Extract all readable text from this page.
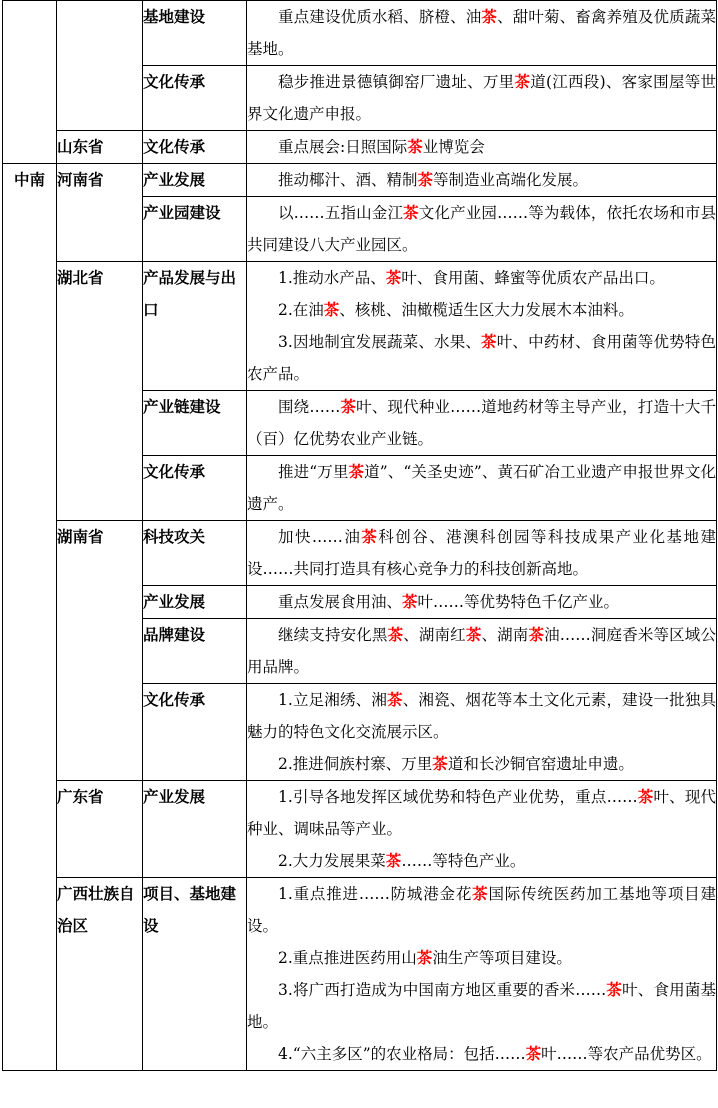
		基地建设	重点建设优质水稻、脐橙、油茶、甜叶菊、畜禽养殖及优质蔬菜基地。

		文化传承	稳步推进景德镇御窑厂遗址、万里茶道(江西段)、客家围屋等世界文化遗产申报。

	山东省	文化传承	重点展会:日照国际茶业博览会

中南	河南省	产业发展	推动椰汁、酒、精制茶等制造业高端化发展。

		产业园建设	以……五指山金江茶文化产业园……等为载体，依托农场和市县共同建设八大产业园区。

	湖北省	产品发展与出口	1.推动水产品、茶叶、食用菌、蜂蜜等优质农产品出口。
2.在油茶、核桃、油橄榄适生区大力发展木本油料。
3.因地制宜发展蔬菜、水果、茶叶、中药材、食用菌等优势特色农产品。

		产业链建设	围绕……茶叶、现代种业……道地药材等主导产业，打造十大千（百）亿优势农业产业链。

		文化传承	推进“万里茶道”、“关圣史迹”、黄石矿冶工业遗产申报世界文化遗产。

	湖南省	科技攻关	加快……油茶科创谷、港澳科创园等科技成果产业化基地建设……共同打造具有核心竞争力的科技创新高地。

		产业发展	重点发展食用油、茶叶……等优势特色千亿产业。

		品牌建设	继续支持安化黑茶、湖南红茶、湖南茶油……洞庭香米等区域公用品牌。

		文化传承	1.立足湘绣、湘茶、湘瓷、烟花等本土文化元素，建设一批独具魅力的特色文化交流展示区。
2.推进侗族村寨、万里茶道和长沙铜官窑遗址申遗。

	广东省	产业发展	1.引导各地发挥区域优势和特色产业优势，重点……茶叶、现代种业、调味品等产业。
2.大力发展果菜茶……等特色产业。

	广西壮族自治区	项目、基地建设	1.重点推进……防城港金花茶国际传统医药加工基地等项目建设。
2.重点推进医药用山茶油生产等项目建设。
3.将广西打造成为中国南方地区重要的香米……茶叶、食用菌基地。
4.“六主多区”的农业格局：包括……茶叶……等农产品优势区。
